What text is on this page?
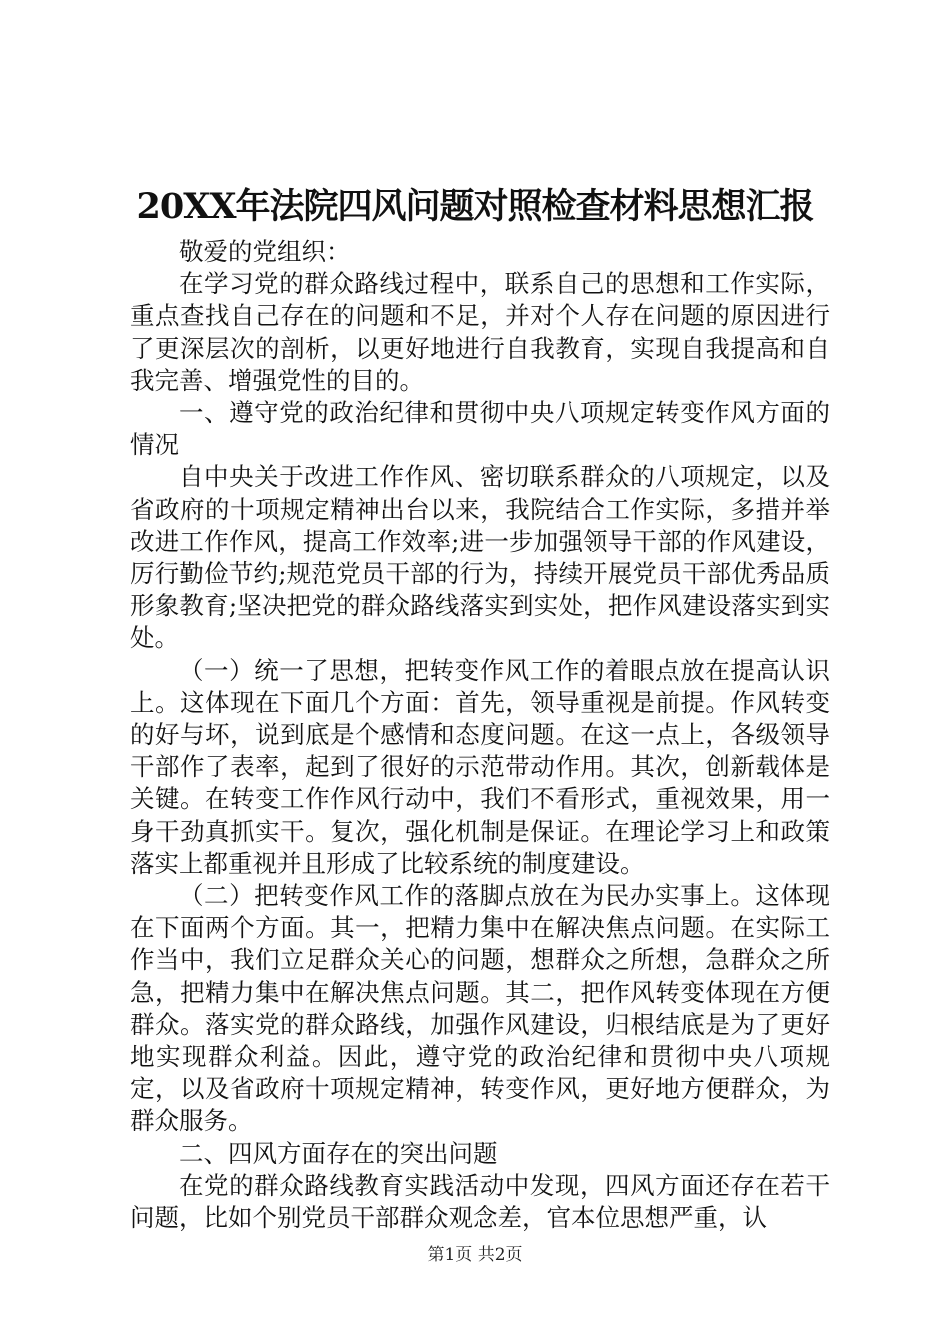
20XX年法院四风问题对照检查材料思想汇报

敬爱的党组织：

在学习党的群众路线过程中，联系自己的思想和工作实际，重点查找自己存在的问题和不足，并对个人存在问题的原因进行了更深层次的剖析，以更好地进行自我教育，实现自我提高和自我完善、增强党性的目的。

一、遵守党的政治纪律和贯彻中央八项规定转变作风方面的情况

自中央关于改进工作作风、密切联系群众的八项规定，以及省政府的十项规定精神出台以来，我院结合工作实际，多措并举改进工作作风，提高工作效率;进一步加强领导干部的作风建设，厉行勤俭节约;规范党员干部的行为，持续开展党员干部优秀品质形象教育;坚决把党的群众路线落实到实处，把作风建设落实到实处。

（一）统一了思想，把转变作风工作的着眼点放在提高认识上。这体现在下面几个方面：首先，领导重视是前提。作风转变的好与坏，说到底是个感情和态度问题。在这一点上，各级领导干部作了表率，起到了很好的示范带动作用。其次，创新载体是关键。在转变工作作风行动中，我们不看形式，重视效果，用一身干劲真抓实干。复次，强化机制是保证。在理论学习上和政策落实上都重视并且形成了比较系统的制度建设。

（二）把转变作风工作的落脚点放在为民办实事上。这体现在下面两个方面。其一，把精力集中在解决焦点问题。在实际工作当中，我们立足群众关心的问题，想群众之所想，急群众之所急，把精力集中在解决焦点问题。其二，把作风转变体现在方便群众。落实党的群众路线，加强作风建设，归根结底是为了更好地实现群众利益。因此，遵守党的政治纪律和贯彻中央八项规定，以及省政府十项规定精神，转变作风，更好地方便群众，为群众服务。

二、四风方面存在的突出问题

在党的群众路线教育实践活动中发现，四风方面还存在若干问题，比如个别党员干部群众观念差，官本位思想严重，认

第1页 共2页
